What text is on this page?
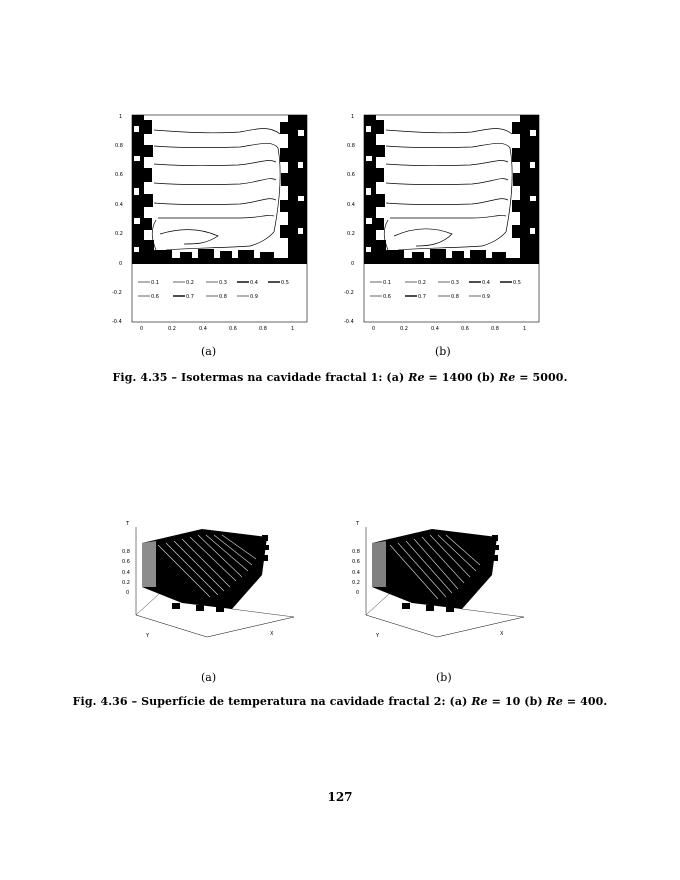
1
0.8
0.6
0.4
0.2
0
-0.2
-0.4
0	0.2	0.4	0.6	0.8	1
0.1	0.2	0.3	0.4	0.5
0.6	0.7	0.8	0.9
1
0.8
0.6
0.4
0.2
0
-0.2
-0.4
0	0.2	0.4	0.6	0.8	1
0.1	0.2	0.3	0.4	0.5
0.6	0.7	0.8	0.9
(a)	(b)
Fig. 4.35 – Isotermas na cavidade fractal 1: (a) Re = 1400 (b) Re = 5000.
T
0.8
0.6
0.4
0.2
0
Y	X
T
0.8
0.6
0.4
0.2
0
Y	X
(a)	(b)
Fig. 4.36 – Superfície de temperatura na cavidade fractal 2: (a) Re = 10 (b) Re = 400.
127
